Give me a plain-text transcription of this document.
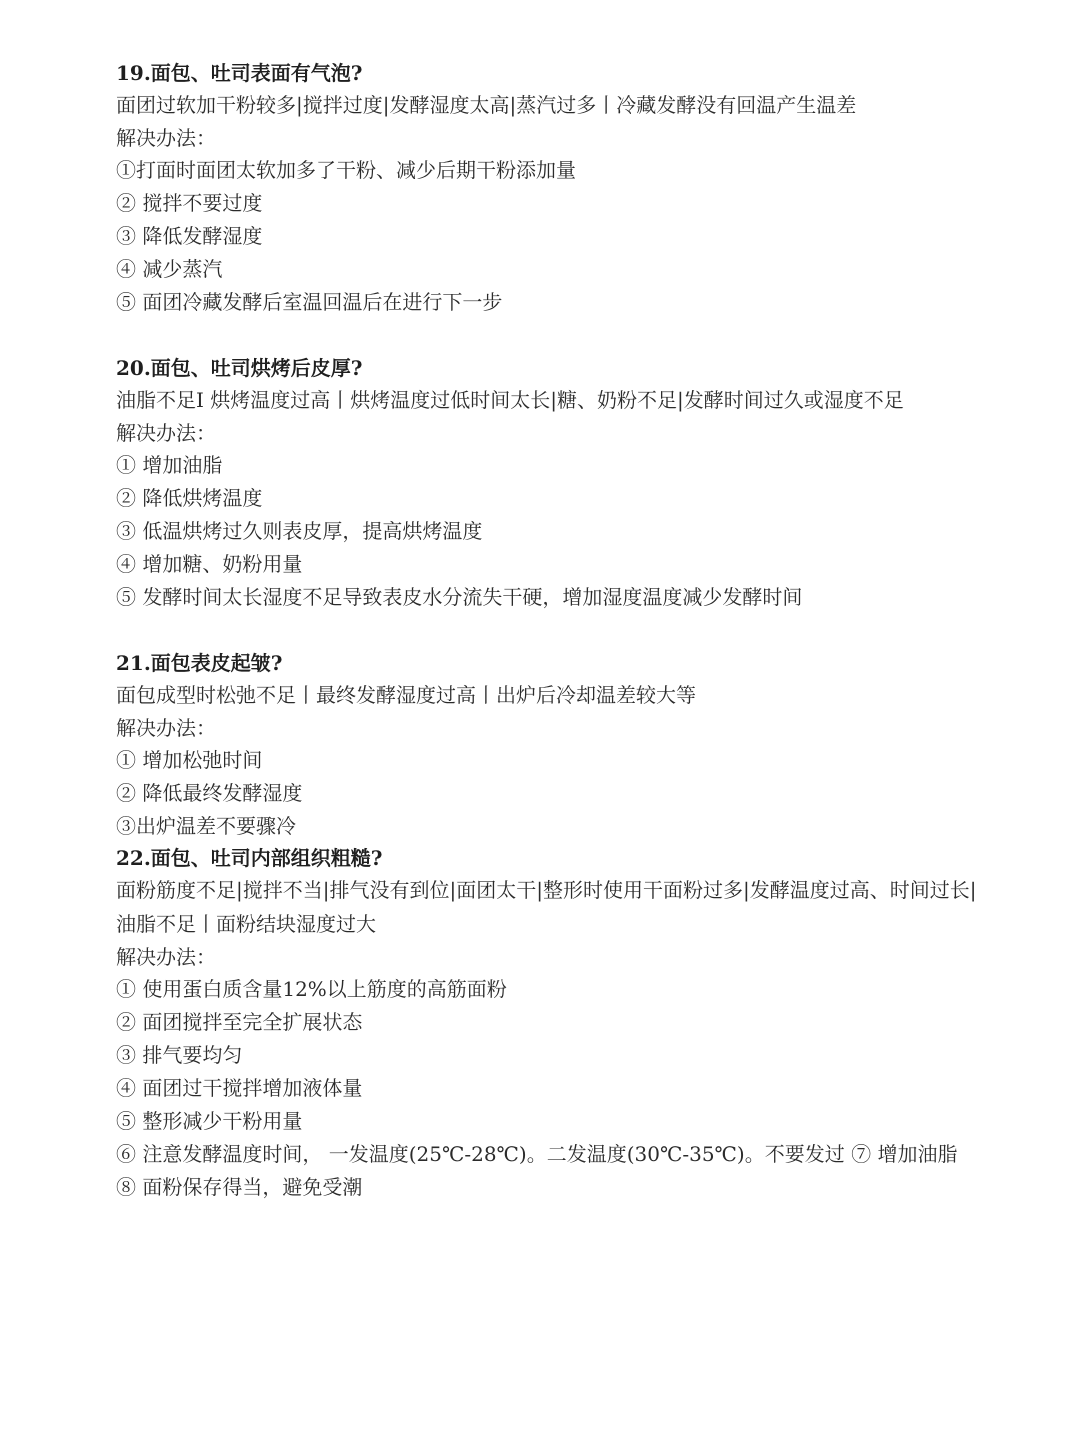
19.面包、吐司表面有气泡?

面团过软加干粉较多|搅拌过度|发酵湿度太高|蒸汽过多丨冷藏发酵没有回温产生温差

解决办法：

①打面时面团太软加多了干粉、减少后期干粉添加量

② 搅拌不要过度

③ 降低发酵湿度

④ 减少蒸汽

⑤ 面团冷藏发酵后室温回温后在进行下一步

20.面包、吐司烘烤后皮厚?

油脂不足I 烘烤温度过高丨烘烤温度过低时间太长|糖、奶粉不足|发酵时间过久或湿度不足

解决办法：

① 增加油脂

② 降低烘烤温度

③ 低温烘烤过久则表皮厚，提高烘烤温度

④ 增加糖、奶粉用量

⑤ 发酵时间太长湿度不足导致表皮水分流失干硬，增加湿度温度减少发酵时间

21.面包表皮起皱?

面包成型时松弛不足丨最终发酵湿度过高丨出炉后冷却温差较大等

解决办法：

① 增加松弛时间

② 降低最终发酵湿度

③出炉温差不要骤冷

22.面包、吐司内部组织粗糙?

面粉筋度不足|搅拌不当|排气没有到位|面团太干|整形时使用干面粉过多|发酵温度过高、时间过长|油脂不足丨面粉结块湿度过大

解决办法：

① 使用蛋白质含量12%以上筋度的高筋面粉

② 面团搅拌至完全扩展状态

③ 排气要均匀

④ 面团过干搅拌增加液体量

⑤ 整形减少干粉用量

⑥ 注意发酵温度时间， 一发温度(25℃-28℃)。二发温度(30℃-35℃)。不要发过 ⑦ 增加油脂

⑧ 面粉保存得当，避免受潮
